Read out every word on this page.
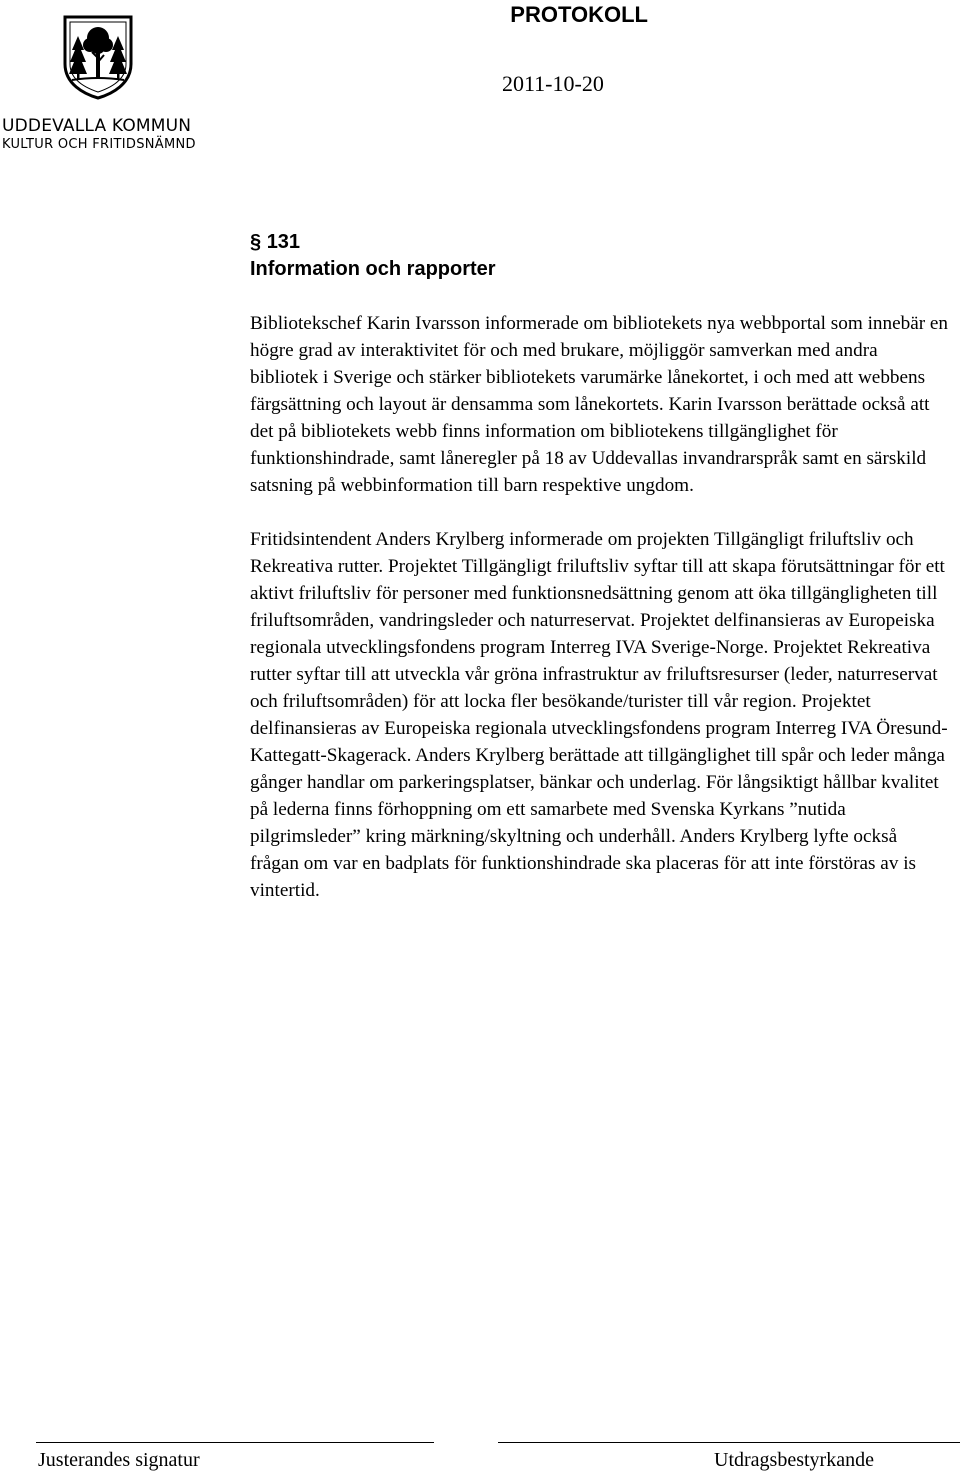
UDDEVALLA KOMMUN
KULTUR OCH FRITIDSNÄMND
PROTOKOLL
2011-10-20
§ 131
Information och rapporter

Bibliotekschef Karin Ivarsson informerade om bibliotekets nya webbportal som innebär en högre grad av interaktivitet för och med brukare, möjliggör samverkan med andra bibliotek i Sverige och stärker bibliotekets varumärke lånekortet, i och med att webbens färgsättning och layout är densamma som lånekortets. Karin Ivarsson berättade också att det på bibliotekets webb finns information om bibliotekens tillgänglighet för funktionshindrade, samt låneregler på 18 av Uddevallas invandrarspråk samt en särskild satsning på webbinformation till barn respektive ungdom.

Fritidsintendent Anders Krylberg informerade om projekten Tillgängligt friluftsliv och Rekreativa rutter. Projektet Tillgängligt friluftsliv syftar till att skapa förutsättningar för ett aktivt friluftsliv för personer med funktionsnedsättning genom att öka tillgängligheten till friluftsområden, vandringsleder och naturreservat. Projektet delfinansieras av Europeiska regionala utvecklingsfondens program Interreg IVA Sverige-Norge. Projektet Rekreativa rutter syftar till att utveckla vår gröna infrastruktur av friluftsresurser (leder, naturreservat och friluftsområden) för att locka fler besökande/turister till vår region. Projektet delfinansieras av Europeiska regionala utvecklingsfondens program Interreg IVA Öresund-Kattegatt-Skagerack. Anders Krylberg berättade att tillgänglighet till spår och leder många gånger handlar om parkeringsplatser, bänkar och underlag. För långsiktigt hållbar kvalitet på lederna finns förhoppning om ett samarbete med Svenska Kyrkans ”nutida pilgrimsleder” kring märkning/skyltning och underhåll. Anders Krylberg lyfte också frågan om var en badplats för funktionshindrade ska placeras för att inte förstöras av is vintertid.

Justerandes signatur	Utdragsbestyrkande
